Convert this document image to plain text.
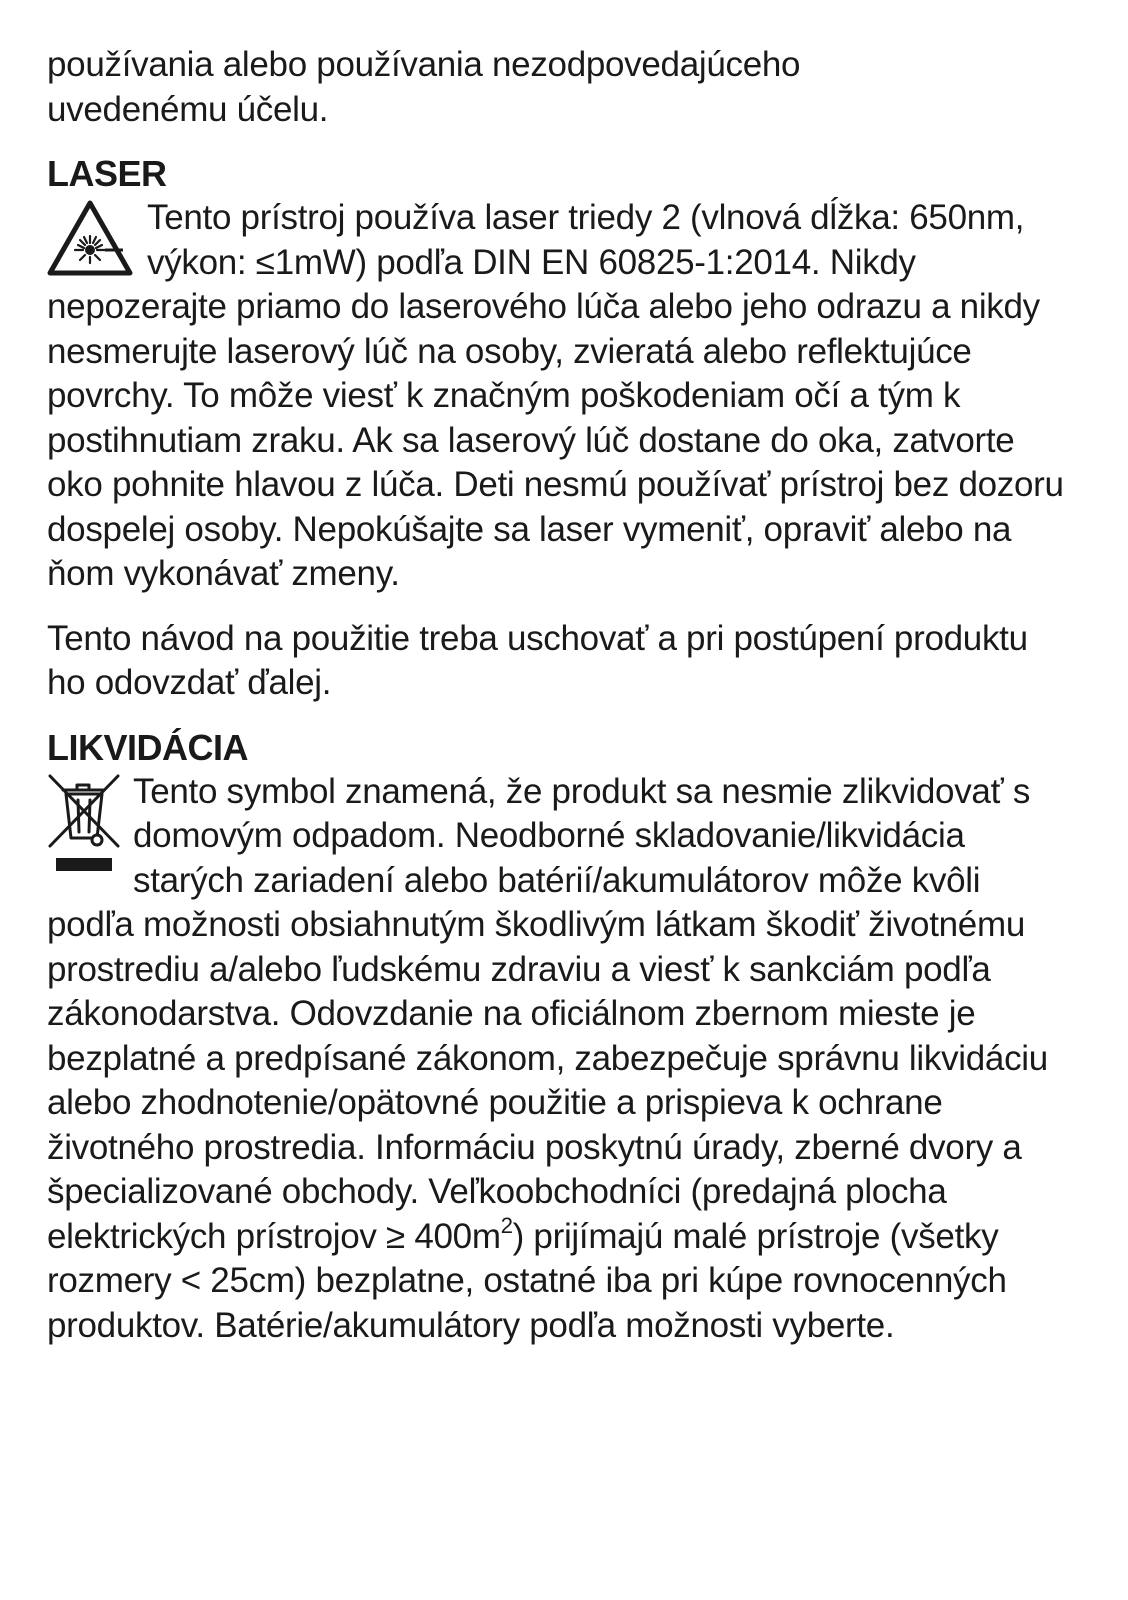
používania alebo používania nezodpovedajúceho
uvedenému účelu.

LASER

Tento prístroj používa laser triedy 2 (vlnová dĺžka: 650nm,
výkon: ≤1mW) podľa DIN EN 60825-1:2014. Nikdy
nepozerajte priamo do laserového lúča alebo jeho odrazu a nikdy
nesmerujte laserový lúč na osoby, zvieratá alebo reflektujúce
povrchy. To môže viesť k značným poškodeniam očí a tým k
postihnutiam zraku. Ak sa laserový lúč dostane do oka, zatvorte
oko pohnite hlavou z lúča. Deti nesmú používať prístroj bez dozoru
dospelej osoby. Nepokúšajte sa laser vymeniť, opraviť alebo na
ňom vykonávať zmeny.

Tento návod na použitie treba uschovať a pri postúpení produktu
ho odovzdať ďalej.

LIKVIDÁCIA

Tento symbol znamená, že produkt sa nesmie zlikvidovať s
domovým odpadom. Neodborné skladovanie/likvidácia
starých zariadení alebo batérií/akumulátorov môže kvôli
podľa možnosti obsiahnutým škodlivým látkam škodiť životnému
prostrediu a/alebo ľudskému zdraviu a viesť k sankciám podľa
zákonodarstva. Odovzdanie na oficiálnom zbernom mieste je
bezplatné a predpísané zákonom, zabezpečuje správnu likvidáciu
alebo zhodnotenie/opätovné použitie a prispieva k ochrane
životného prostredia. Informáciu poskytnú úrady, zberné dvory a
špecializované obchody. Veľkoobchodníci (predajná plocha
elektrických prístrojov ≥ $400m^2$) prijímajú malé prístroje (všetky
rozmery < 25cm) bezplatne, ostatné iba pri kúpe rovnocenných
produktov. Batérie/akumulátory podľa možnosti vyberte.
